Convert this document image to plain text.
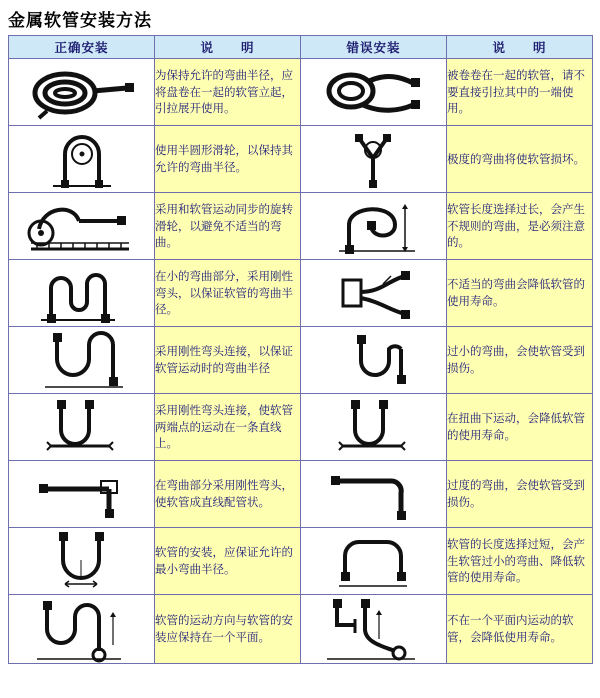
金属软管安装方法
正确安装	说　　明	错误安装	说　　明

	为保持允许的弯曲半径，应将盘卷在一起的软管立起，引拉展开使用。		被卷卷在一起的软管，请不要直接引拉其中的一端使用。

	使用半圆形滑轮，以保持其允许的弯曲半径。		极度的弯曲将使软管损坏。

	采用和软管运动同步的旋转滑轮，以避免不适当的弯曲。		软管长度选择过长，会产生不规则的弯曲，是必须注意的。

	在小的弯曲部分，采用刚性弯头，以保证软管的弯曲半径。		不适当的弯曲会降低软管的使用寿命。

	采用刚性弯头连接，以保证软管运动时的弯曲半径		过小的弯曲，会使软管受到损伤。

	采用刚性弯头连接，使软管两端点的运动在一条直线上。		在扭曲下运动，会降低软管的使用寿命。

	在弯曲部分采用刚性弯头，使软管成直线配管状。		过度的弯曲，会使软管受到损伤。

	软管的安装，应保证允许的最小弯曲半径。		软管的长度选择过短，会产生软管过小的弯曲、降低软管的使用寿命。

	软管的运动方向与软管的安装应保持在一个平面。		不在一个平面内运动的软管，会降低使用寿命。
